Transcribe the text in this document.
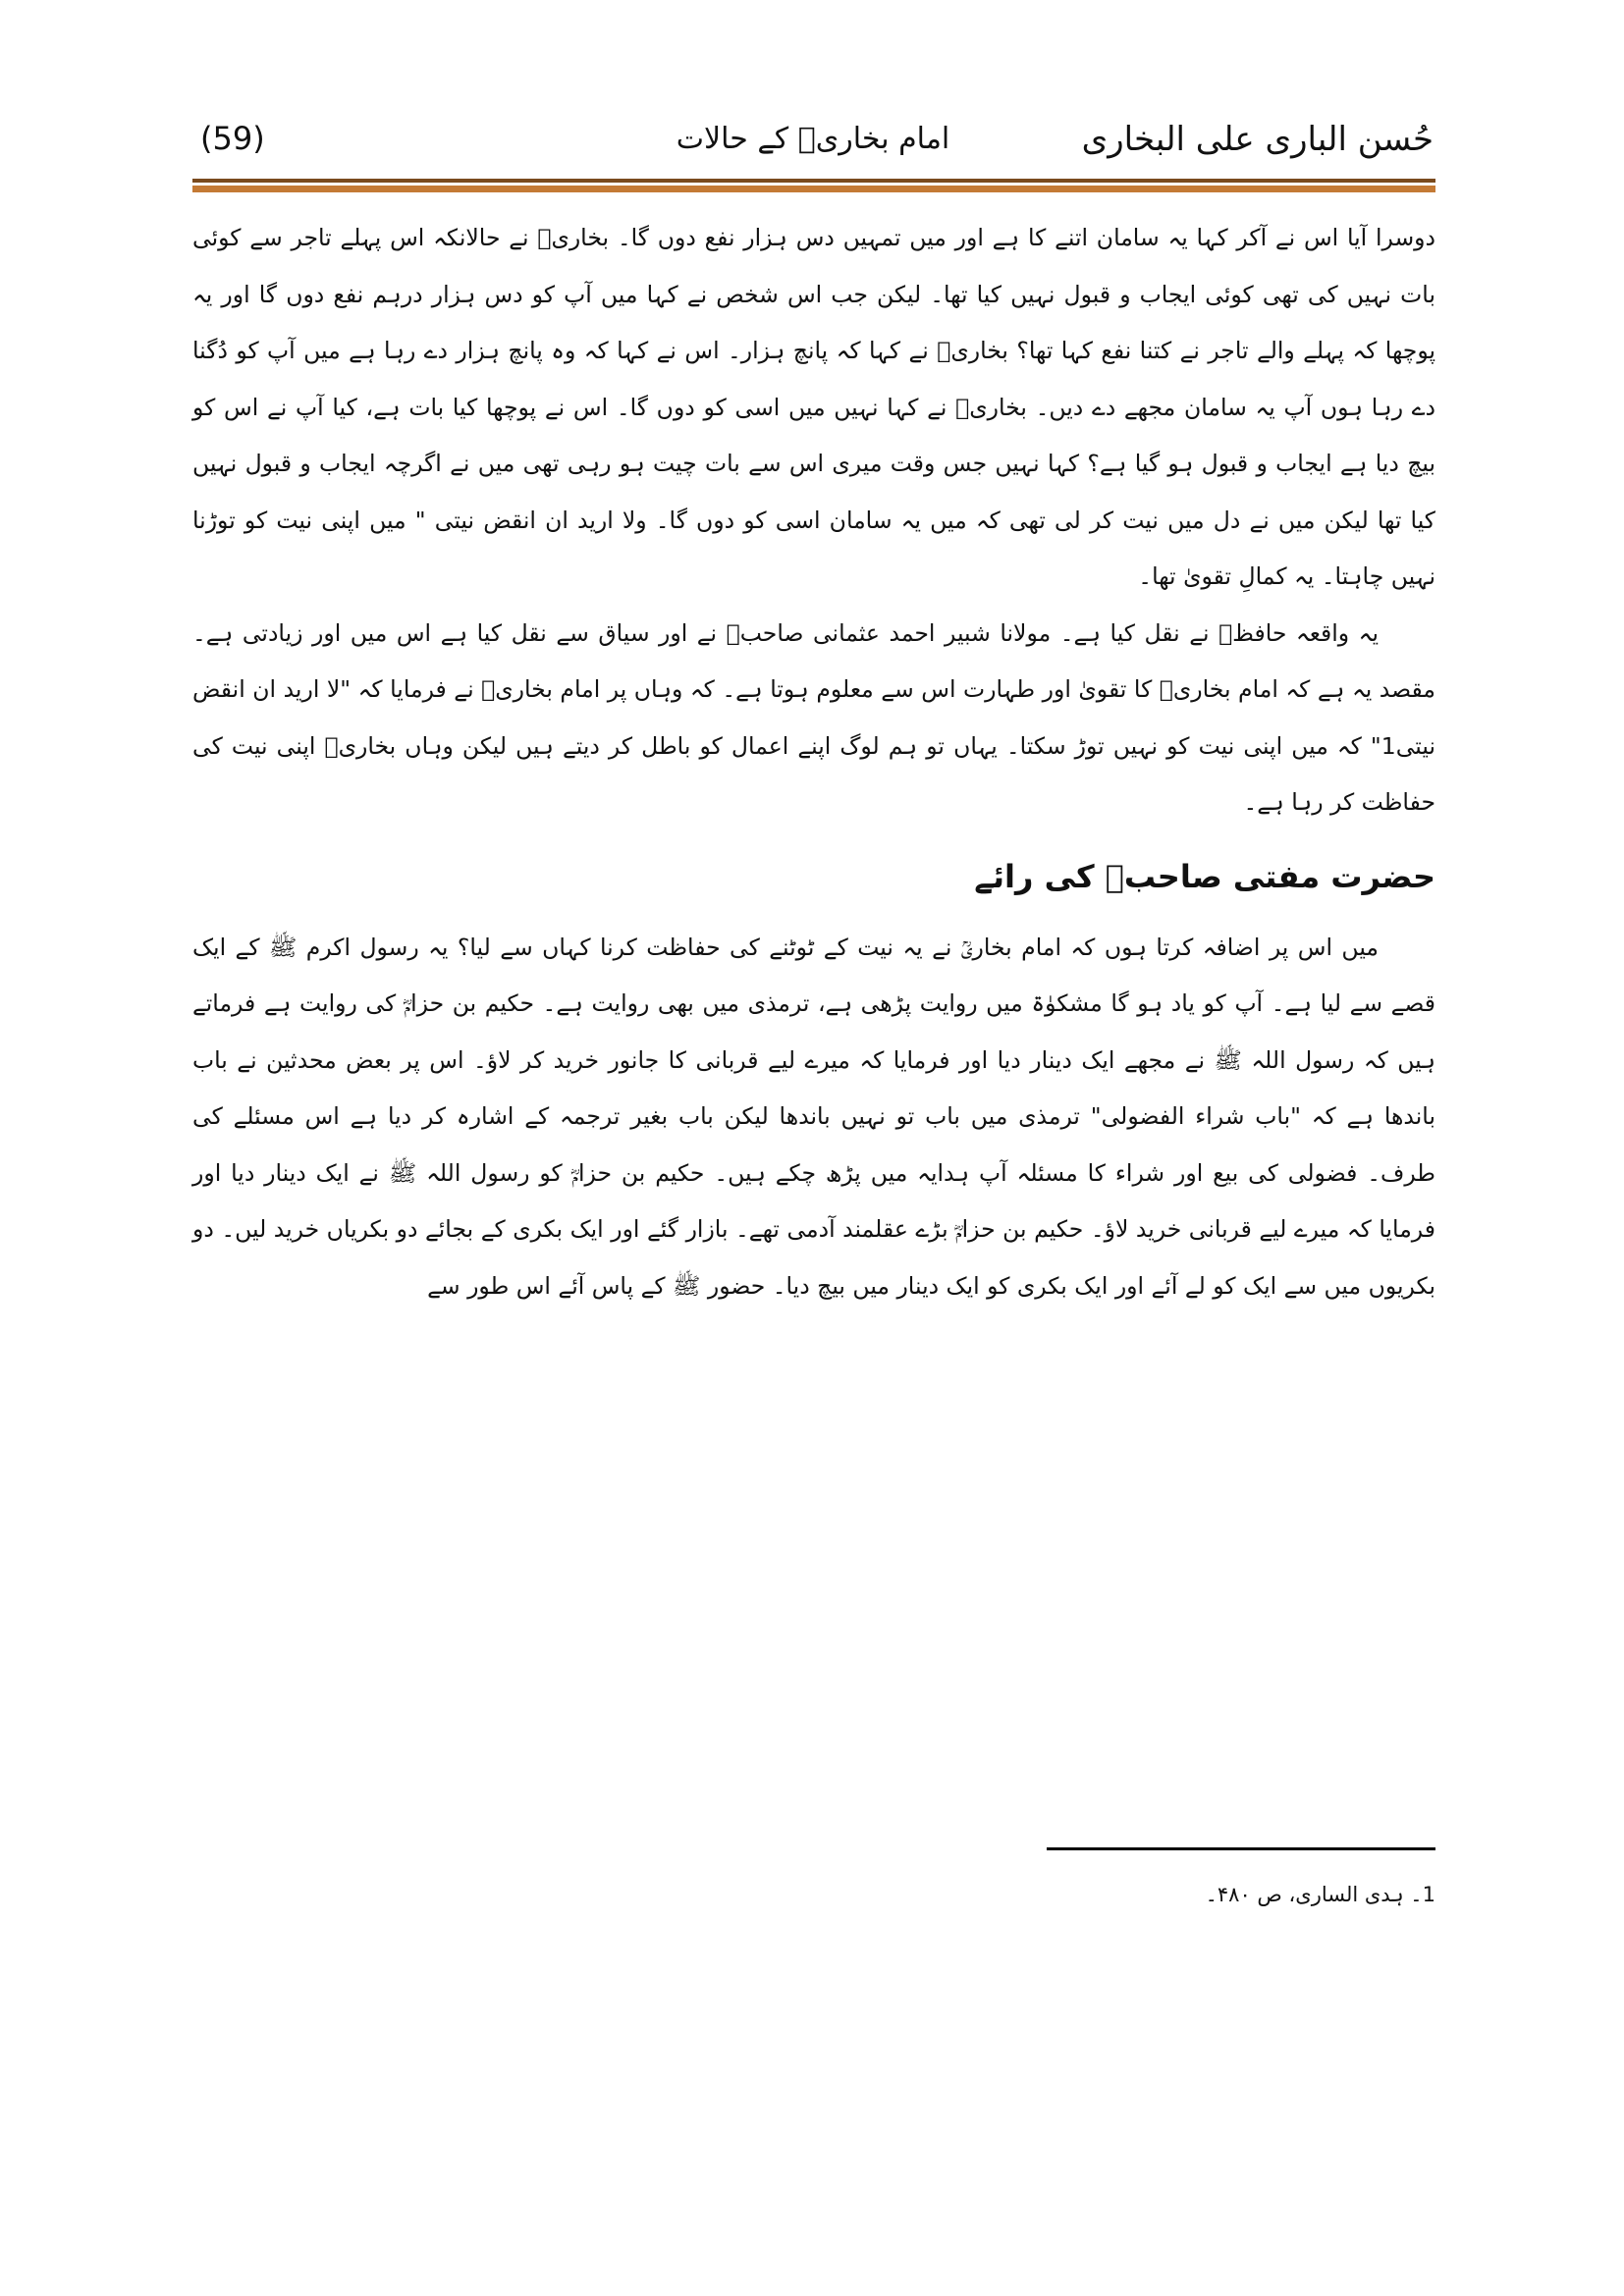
حُسن الباری علی البخاری
امام بخاریؒ کے حالات
(59)

دوسرا آیا اس نے آکر کہا یہ سامان اتنے کا ہے اور میں تمہیں دس ہزار نفع دوں گا۔ بخاریؒ نے حالانکہ اس پہلے تاجر سے کوئی بات نہیں کی تھی کوئی ایجاب و قبول نہیں کیا تھا۔ لیکن جب اس شخص نے کہا میں آپ کو دس ہزار درہم نفع دوں گا اور یہ پوچھا کہ پہلے والے تاجر نے کتنا نفع کہا تھا؟ بخاریؒ نے کہا کہ پانچ ہزار۔ اس نے کہا کہ وہ پانچ ہزار دے رہا ہے میں آپ کو دُگنا دے رہا ہوں آپ یہ سامان مجھے دے دیں۔ بخاریؒ نے کہا نہیں میں اسی کو دوں گا۔ اس نے پوچھا کیا بات ہے، کیا آپ نے اس کو بیچ دیا ہے ایجاب و قبول ہو گیا ہے؟ کہا نہیں جس وقت میری اس سے بات چیت ہو رہی تھی میں نے اگرچہ ایجاب و قبول نہیں کیا تھا لیکن میں نے دل میں نیت کر لی تھی کہ میں یہ سامان اسی کو دوں گا۔ ولا ارید ان انقض نیتی " میں اپنی نیت کو توڑنا نہیں چاہتا۔ یہ کمالِ تقویٰ تھا۔

یہ واقعہ حافظؒ نے نقل کیا ہے۔ مولانا شبیر احمد عثمانی صاحبؒ نے اور سیاق سے نقل کیا ہے اس میں اور زیادتی ہے۔ مقصد یہ ہے کہ امام بخاریؒ کا تقویٰ اور طہارت اس سے معلوم ہوتا ہے۔ کہ وہاں پر امام بخاریؒ نے فرمایا کہ "لا ارید ان انقض نیتی1" کہ میں اپنی نیت کو نہیں توڑ سکتا۔ یہاں تو ہم لوگ اپنے اعمال کو باطل کر دیتے ہیں لیکن وہاں بخاریؒ اپنی نیت کی حفاظت کر رہا ہے۔

حضرت مفتی صاحبؒ کی رائے

میں اس پر اضافہ کرتا ہوں کہ امام بخاریؒ نے یہ نیت کے ٹوٹنے کی حفاظت کرنا کہاں سے لیا؟ یہ رسول اکرم ﷺ کے ایک قصے سے لیا ہے۔ آپ کو یاد ہو گا مشکوٰۃ میں روایت پڑھی ہے، ترمذی میں بھی روایت ہے۔ حکیم بن حزامؓ کی روایت ہے فرماتے ہیں کہ رسول اللہ ﷺ نے مجھے ایک دینار دیا اور فرمایا کہ میرے لیے قربانی کا جانور خرید کر لاؤ۔ اس پر بعض محدثین نے باب باندھا ہے کہ "باب شراء الفضولی" ترمذی میں باب تو نہیں باندھا لیکن باب بغیر ترجمہ کے اشارہ کر دیا ہے اس مسئلے کی طرف۔ فضولی کی بیع اور شراء کا مسئلہ آپ ہدایہ میں پڑھ چکے ہیں۔ حکیم بن حزامؓ کو رسول اللہ ﷺ نے ایک دینار دیا اور فرمایا کہ میرے لیے قربانی خرید لاؤ۔ حکیم بن حزامؓ بڑے عقلمند آدمی تھے۔ بازار گئے اور ایک بکری کے بجائے دو بکریاں خرید لیں۔ دو بکریوں میں سے ایک کو لے آئے اور ایک بکری کو ایک دینار میں بیچ دیا۔ حضور ﷺ کے پاس آئے اس طور سے

1۔ ہدی الساری، ص ۴۸۰۔
